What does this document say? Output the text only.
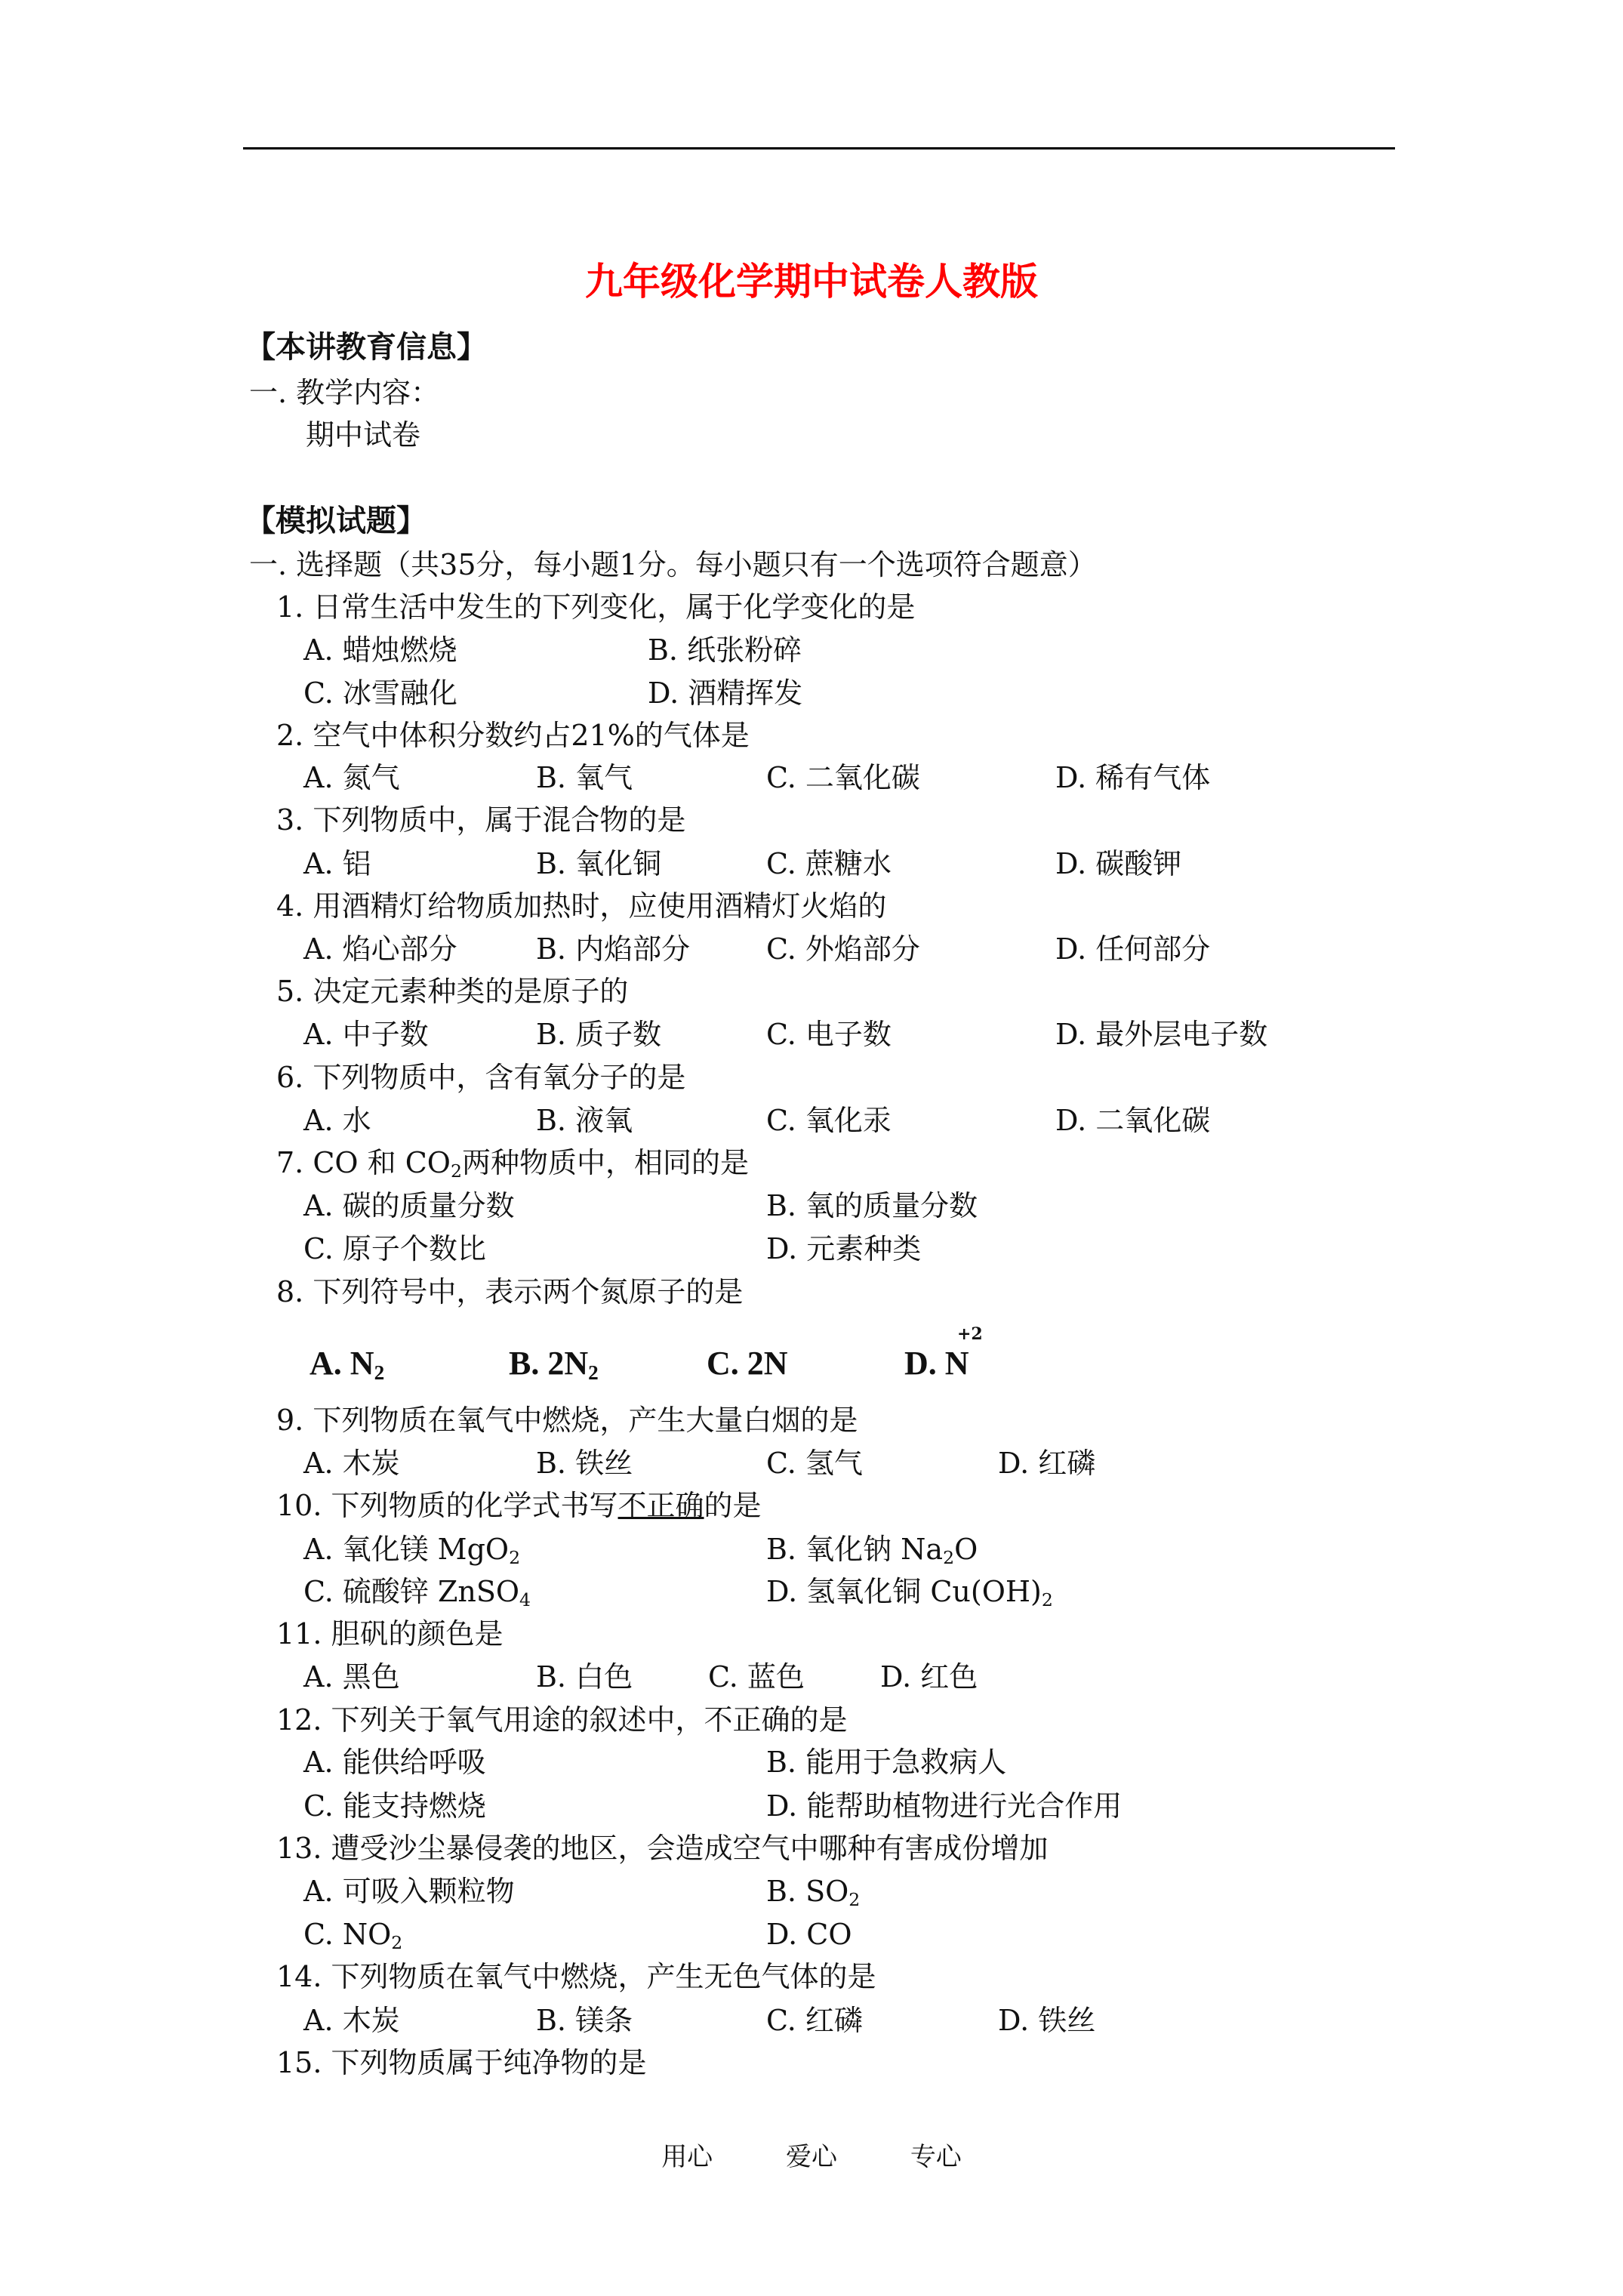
九年级化学期中试卷人教版
【本讲教育信息】
一. 教学内容：
期中试卷
【模拟试题】
一. 选择题（共35分，每小题1分。每小题只有一个选项符合题意）
1. 日常生活中发生的下列变化，属于化学变化的是
A. 蜡烛燃烧	B. 纸张粉碎
C. 冰雪融化	D. 酒精挥发
2. 空气中体积分数约占21%的气体是
A. 氮气	B. 氧气	C. 二氧化碳	D. 稀有气体
3. 下列物质中，属于混合物的是
A. 铝	B. 氧化铜	C. 蔗糖水	D. 碳酸钾
4. 用酒精灯给物质加热时，应使用酒精灯火焰的
A. 焰心部分	B. 内焰部分	C. 外焰部分	D. 任何部分
5. 决定元素种类的是原子的
A. 中子数	B. 质子数	C. 电子数	D. 最外层电子数
6. 下列物质中，含有氧分子的是
A. 水	B. 液氧	C. 氧化汞	D. 二氧化碳
7. CO 和 $CO_2$两种物质中，相同的是
A. 碳的质量分数	B. 氧的质量分数
C. 原子个数比	D. 元素种类
8. 下列符号中，表示两个氮原子的是
A. $N_2$	B. $2N_2$	C. 2N	D. N
+2
9. 下列物质在氧气中燃烧，产生大量白烟的是
A. 木炭	B. 铁丝	C. 氢气	D. 红磷
10. 下列物质的化学式书写不正确的是
A. 氧化镁 MgO$_2$	B. 氧化钠 $Na_2O$
C. 硫酸锌 ZnSO$_4$	D. 氢氧化铜 $Cu(OH)_2$
11. 胆矾的颜色是
A. 黑色	B. 白色	C. 蓝色	D. 红色
12. 下列关于氧气用途的叙述中，不正确的是
A. 能供给呼吸	B. 能用于急救病人
C. 能支持燃烧	D. 能帮助植物进行光合作用
13. 遭受沙尘暴侵袭的地区，会造成空气中哪种有害成份增加
A. 可吸入颗粒物	B. $SO_2$
C. $NO_2$	D. CO
14. 下列物质在氧气中燃烧，产生无色气体的是
A. 木炭	B. 镁条	C. 红磷	D. 铁丝
15. 下列物质属于纯净物的是
用心	爱心	专心
